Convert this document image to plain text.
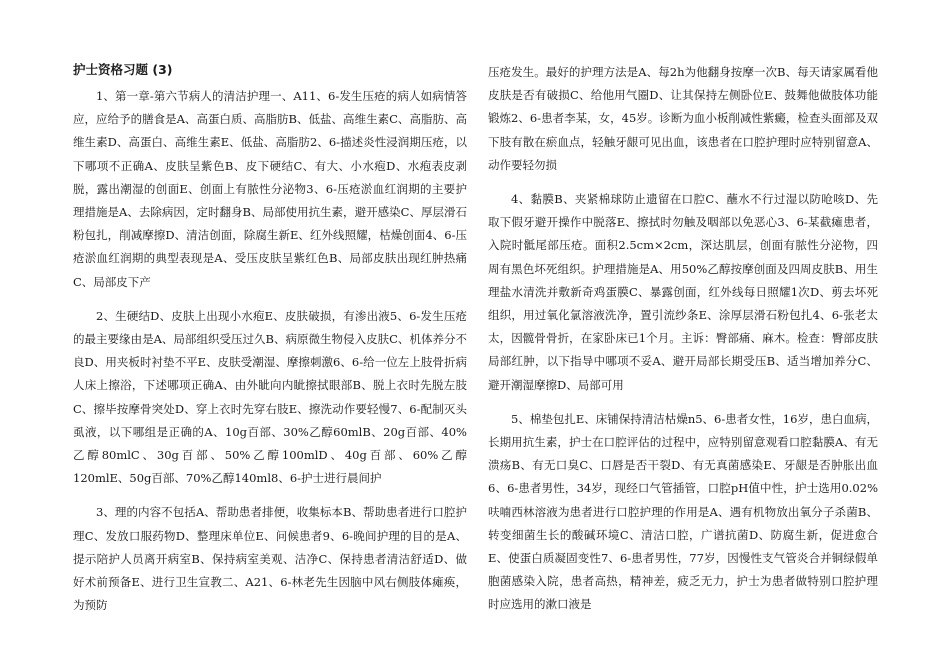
护士资格习题 (3)
1、第一章-第六节病人的清洁护理一、A11、6-发生压疮的病人如病情答应，应给予的膳食是A、高蛋白质、高脂肪B、低盐、高维生素C、高脂肪、高维生素D、高蛋白、高维生素E、低盐、高脂肪2、6-描述炎性浸润期压疮，以下哪项不正确A、皮肤呈紫色B、皮下硬结C、有大、小水疱D、水疱表皮剥脱，露出潮湿的创面E、创面上有脓性分泌物3、6-压疮淤血红润期的主要护理措施是A、去除病因，定时翻身B、局部使用抗生素，避开感染C、厚层滑石粉包扎，削减摩擦D、清洁创面，除腐生新E、红外线照耀，枯燥创面4、6-压疮淤血红润期的典型表现是A、受压皮肤呈紫红色B、局部皮肤出现红肿热痛C、局部皮下产
2、生硬结D、皮肤上出现小水疱E、皮肤破损，有渗出液5、6-发生压疮的最主要缘由是A、局部组织受压过久B、病原微生物侵入皮肤C、机体养分不良D、用夹板时衬垫不平E、皮肤受潮湿、摩擦刺激6、6-给一位左上肢骨折病人床上擦浴，下述哪项正确A、由外眦向内眦擦拭眼部B、脱上衣时先脱左肢C、擦毕按摩骨突处D、穿上衣时先穿右肢E、擦洗动作要轻慢7、6-配制灭头虱液，以下哪组是正确的A、10g百部、30%乙醇60mlB、20g百部、40%乙醇80mlC、30g百部、50%乙醇100mlD、40g百部、60%乙醇120mlE、50g百部、70%乙醇140ml8、6-护士进行晨间护
3、理的内容不包括A、帮助患者排便，收集标本B、帮助患者进行口腔护理C、发放口服药物D、整理床单位E、问候患者9、6-晚间护理的目的是A、提示陪护人员离开病室B、保持病室美观、洁净C、保持患者清洁舒适D、做好术前预备E、进行卫生宣教二、A21、6-林老先生因脑中风右侧肢体瘫痪，为预防
压疮发生。最好的护理方法是A、每2h为他翻身按摩一次B、每天请家属看他皮肤是否有破损C、给他用气圈D、让其保持左侧卧位E、鼓舞他做肢体功能锻炼2、6-患者李某，女，45岁。诊断为血小板削减性紫癜，检查头面部及双下肢有散在瘀血点，轻触牙龈可见出血，该患者在口腔护理时应特别留意A、动作要轻勿损
4、黏膜B、夹紧棉球防止遗留在口腔C、蘸水不行过湿以防呛咳D、先取下假牙避开操作中脱落E、擦拭时勿触及咽部以免恶心3、6-某截瘫患者，入院时骶尾部压疮。面积2.5cm×2cm，深达肌层，创面有脓性分泌物，四周有黑色坏死组织。护理措施是A、用50%乙醇按摩创面及四周皮肤B、用生理盐水清洗并敷新奇鸡蛋膜C、暴露创面，红外线每日照耀1次D、剪去坏死组织，用过氧化氯溶液洗净，置引流纱条E、涂厚层滑石粉包扎4、6-张老太太，因髋骨骨折，在家卧床已1个月。主诉：臀部痛、麻木。检查：臀部皮肤局部红肿，以下指导中哪项不妥A、避开局部长期受压B、适当增加养分C、避开潮湿摩擦D、局部可用
5、棉垫包扎E、床铺保持清洁枯燥n5、6-患者女性，16岁，患白血病，长期用抗生素，护士在口腔评估的过程中，应特别留意观看口腔黏膜A、有无溃疡B、有无口臭C、口唇是否干裂D、有无真菌感染E、牙龈是否肿胀出血6、6-患者男性，34岁，现经口气管插管，口腔pH值中性，护士选用0.02%呋喃西林溶液为患者进行口腔护理的作用是A、遇有机物放出氧分子杀菌B、转变细菌生长的酸碱环境C、清洁口腔，广谱抗菌D、防腐生新，促进愈合E、使蛋白质凝固变性7、6-患者男性，77岁，因慢性支气管炎合并铜绿假单胞菌感染入院，患者高热，精神差，疲乏无力，护士为患者做特别口腔护理时应选用的漱口液是
